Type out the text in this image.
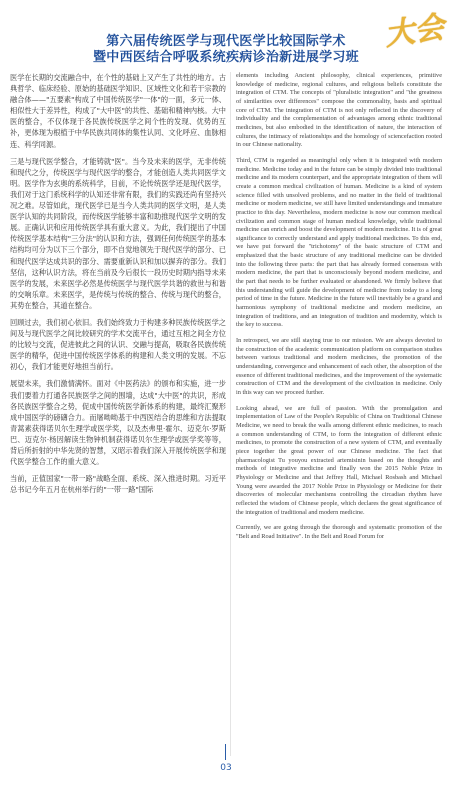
第六届传统医学与现代医学比较国际学术
暨中西医结合呼吸系统疾病诊治新进展学习班
大会

医学在长期的交流融合中，在个性的基础上又产生了共性的地方。古典哲学、临床经验、原始的基础医学知识、区域性文化和若干宗教的融合体——"五要素"构成了中国传统医学"一体"的一面，多元一体、相似性大于差异性，构成了"大中医"的共性、基础和精神内核。大中医的整合，不仅体现于各民族传统医学之间个性的发现、优势的互补，更体现为根植于中华民族共同体的集性认同、文化呼应、血脉相连、科学同源。

三是与现代医学整合，才能铸就"医"。当今及未来的医学，无非传统和现代之分，传统医学与现代医学的整合，才能创造人类共同医学文明。医学作为玄奥的系统科学，目前，不论传统医学还是现代医学，我们对于这门系统科学的认知还非常有限，我们的实践还尚有坚持兴况之难。尽管如此，现代医学已是当今人类共同的医学文明，是人类医学认知的共同阶段，而传统医学能够丰富和助推现代医学文明的发展。正确认识和应用传统医学具有重大意义。为此，我们提出了中国传统医学基本结构"三分法"的认识和方法，强调任何传统医学的基本结构均可分为以下三个部分，即不自觉地领先于现代医学的部分、已和现代医学达成共识的部分、需要重新认识和加以摒弃的部分。我们坚信，这种认识方法，将在当前及今后很长一段历史时期内指导未来医学的发展，未来医学必然是传统医学与现代医学共谐的救世与和谐的交响乐章。未来医学，是传统与传统的整合、传统与现代的整合，其势在整合，其道在整合。

回顾过去，我们初心依旧。我们始终致力于构建多种民族传统医学之间及与现代医学之间比较研究的学术交流平台，通过互相之间全方位的比较与交流，促进彼此之间的认识、交融与提高，吸取各民族传统医学的精华，促进中国传统医学体系的构建和人类文明的发展。不忘初心，我们才能更好地担当前行。

展望未来，我们激情满怀。面对《中医药法》的颁布和实施，进一步我们要着力打通各民族医学之间的围墙，达成"大中医"的共识，形成各民族医学整合之势，促成中国传统医学新体系的构建，最终汇聚形成中国医学的磅礴合力。而屠呦呦基于中西医结合的思维和方法提取青蒿素获得诺贝尔生理学或医学奖，以及杰弗里·霍尔、迈克尔·罗斯巴、迈克尔·杨因解读生物钟机制获得诺贝尔生理学或医学奖等等，背后所折射的中华先贤的智慧，又昭示着我们深入开展传统医学和现代医学整合工作的重大意义。

当前，正值国家"一带一路"战略全面、系统、深入推进时期。习近平总书记今年五月在杭州举行的"一带一路"国际

elements including Ancient philosophy, clinical experiences, primitive knowledge of medicine, regional cultures, and religious beliefs constitute the integration of CTM. The concepts of "pluralistic integration" and "the greatness of similarities over differences" compose the commonality, basis and spiritual core of CTM. The integration of CTM is not only reflected in the discovery of individuality and the complementation of advantages among ethnic traditional medicines, but also embodied in the identification of nature, the interaction of cultures, the intimacy of relationships and the homology of sciencefaction rooted in our Chinese nationality.

Third, CTM is regarded as meaningful only when it is integrated with modern medicine. Medicine today and in the future can be simply divided into traditional medicine and its modern counterpart, and the appropriate integration of them will create a common medical civilization of human. Medicine is a kind of system science filled with unsolved problems, and no matter in the field of traditional medicine or modern medicine, we still have limited understandings and immature practice to this day. Nevertheless, modern medicine is now our common medical civilization and common stage of human medical knowledge, while traditional medicine can enrich and boost the development of modern medicine. It is of great significance to correctly understand and apply traditional medicines. To this end, we have put forward the "trichotomy" of the basic structure of CTM and emphasized that the basic structure of any traditional medicine can be divided into the following three parts: the part that has already formed consensus with modern medicine, the part that is unconsciously beyond modern medicine, and the part that needs to be further evaluated or abandoned. We firmly believe that this understanding will guide the development of medicine from today to a long period of time in the future. Medicine in the future will inevitably be a grand and harmonious symphony of traditional medicine and modern medicine, an integration of traditions, and an integration of tradition and modernity, which is the key to success.

In retrospect, we are still staying true to our mission. We are always devoted to the construction of the academic communication platform on comparison studies between various traditional and modern medicines, the promotion of the understanding, convergence and enhancement of each other, the absorption of the essence of different traditional medicines, and the improvement of the systematic construction of CTM and the development of the civilization in medicine. Only in this way can we proceed further.

Looking ahead, we are full of passion. With the promulgation and implementation of Law of the People's Republic of China on Traditional Chinese Medicine, we need to break the walls among different ethnic medicines, to reach a common understanding of CTM, to form the integration of different ethnic medicines, to promote the construction of a new system of CTM, and eventually piece together the great power of our Chinese medicine. The fact that pharmacologist Tu youyou extracted artemisinin based on the thoughts and methods of integrative medicine and finally won the 2015 Noble Prize in Physiology or Medicine and that Jeffrey Hall, Michael Rosbash and Michael Young were awarded the 2017 Noble Prize in Physiology or Medicine for their discoveries of molecular mechanisms controlling the circadian rhythm have reflected the wisdom of Chinese people, which declares the great significance of the integration of traditional and modern medicine.

Currently, we are going through the thorough and systematic promotion of the "Belt and Road Initiative". In the Belt and Road Forum for

03
